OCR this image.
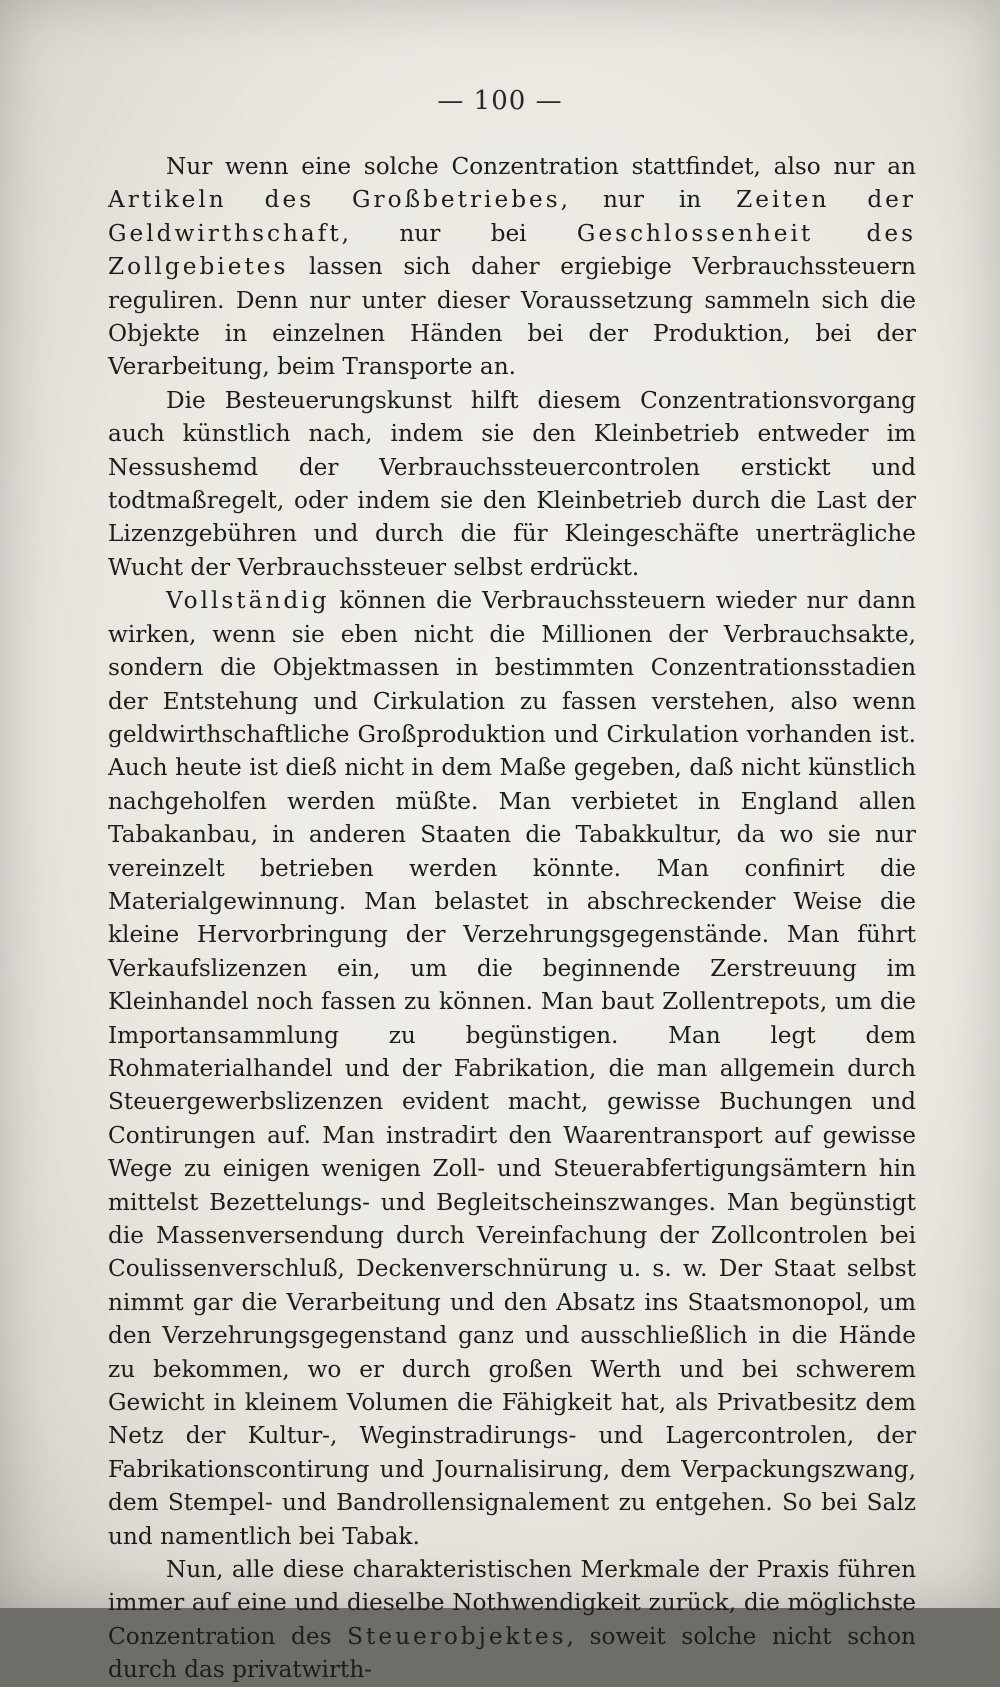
— 100 —

Nur wenn eine solche Conzentration stattfindet, also nur an Artikeln des Großbetriebes, nur in Zeiten der Geldwirthschaft, nur bei Geschlossenheit des Zollgebietes lassen sich daher ergiebige Verbrauchssteuern reguliren. Denn nur unter dieser Voraussetzung sammeln sich die Objekte in einzelnen Händen bei der Produktion, bei der Verarbeitung, beim Transporte an.

Die Besteuerungskunst hilft diesem Conzentrationsvorgang auch künstlich nach, indem sie den Kleinbetrieb entweder im Nessushemd der Verbrauchssteuercontrolen erstickt und todtmaßregelt, oder indem sie den Kleinbetrieb durch die Last der Lizenzgebühren und durch die für Kleingeschäfte unerträgliche Wucht der Verbrauchssteuer selbst erdrückt.

Vollständig können die Verbrauchssteuern wieder nur dann wirken, wenn sie eben nicht die Millionen der Verbrauchsakte, sondern die Objektmassen in bestimmten Conzentrationsstadien der Entstehung und Cirkulation zu fassen verstehen, also wenn geldwirthschaftliche Großproduktion und Cirkulation vorhanden ist. Auch heute ist dieß nicht in dem Maße gegeben, daß nicht künstlich nachgeholfen werden müßte. Man verbietet in England allen Tabakanbau, in anderen Staaten die Tabakkultur, da wo sie nur vereinzelt betrieben werden könnte. Man confinirt die Materialgewinnung. Man belastet in abschreckender Weise die kleine Hervorbringung der Verzehrungsgegenstände. Man führt Verkaufslizenzen ein, um die beginnende Zerstreuung im Kleinhandel noch fassen zu können. Man baut Zollentrepots, um die Importansammlung zu begünstigen. Man legt dem Rohmaterialhandel und der Fabrikation, die man allgemein durch Steuergewerbslizenzen evident macht, gewisse Buchungen und Contirungen auf. Man instradirt den Waarentransport auf gewisse Wege zu einigen wenigen Zoll- und Steuerabfertigungsämtern hin mittelst Bezettelungs- und Begleitscheinszwanges. Man begünstigt die Massenversendung durch Vereinfachung der Zollcontrolen bei Coulissenverschluß, Deckenverschnürung u. s. w. Der Staat selbst nimmt gar die Verarbeitung und den Absatz ins Staatsmonopol, um den Verzehrungsgegenstand ganz und ausschließlich in die Hände zu bekommen, wo er durch großen Werth und bei schwerem Gewicht in kleinem Volumen die Fähigkeit hat, als Privatbesitz dem Netz der Kultur-, Weginstradirungs- und Lagercontrolen, der Fabrikationscontirung und Journalisirung, dem Verpackungszwang, dem Stempel- und Bandrollensignalement zu entgehen. So bei Salz und namentlich bei Tabak.

Nun, alle diese charakteristischen Merkmale der Praxis führen immer auf eine und dieselbe Nothwendigkeit zurück, die möglichste Conzentration des Steuerobjektes, soweit solche nicht schon durch das privatwirth-
